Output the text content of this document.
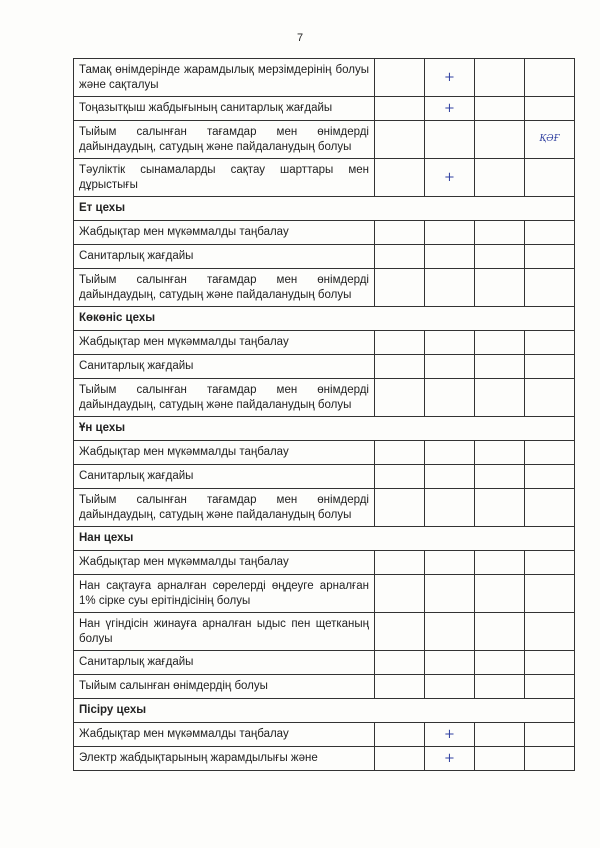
7
Тамақ өнімдерінде жарамдылық мерзімдерінің болуы және сақталуы		+		
Тоңазытқыш жабдығының санитарлық жағдайы		+		
Тыйым салынған тағамдар мен өнімдерді дайындаудың, сатудың және пайдаланудың болуы				ҚӘҒ
Тәуліктік сынамаларды сақтау шарттары мен дұрыстығы		+		
Ет цехы				
Жабдықтар мен мүкәммалды таңбалау				
Санитарлық жағдайы				
Тыйым салынған тағамдар мен өнімдерді дайындаудың, сатудың және пайдаланудың болуы				
Көкөніс цехы				
Жабдықтар мен мүкәммалды таңбалау				
Санитарлық жағдайы				
Тыйым салынған тағамдар мен өнімдерді дайындаудың, сатудың және пайдаланудың болуы				
Ұн цехы				
Жабдықтар мен мүкәммалды таңбалау				
Санитарлық жағдайы				
Тыйым салынған тағамдар мен өнімдерді дайындаудың, сатудың және пайдаланудың болуы				
Нан цехы				
Жабдықтар мен мүкәммалды таңбалау				
Нан сақтауға арналған сөрелерді өңдеуге арналған 1% сірке суы ерітіндісінің болуы				
Нан үгіндісін жинауға арналған ыдыс пен щетканың болуы				
Санитарлық жағдайы				
Тыйым салынған өнімдердің болуы				
Пісіру цехы				
Жабдықтар мен мүкәммалды таңбалау		+		
Электр жабдықтарының жарамдылығы және		+		
